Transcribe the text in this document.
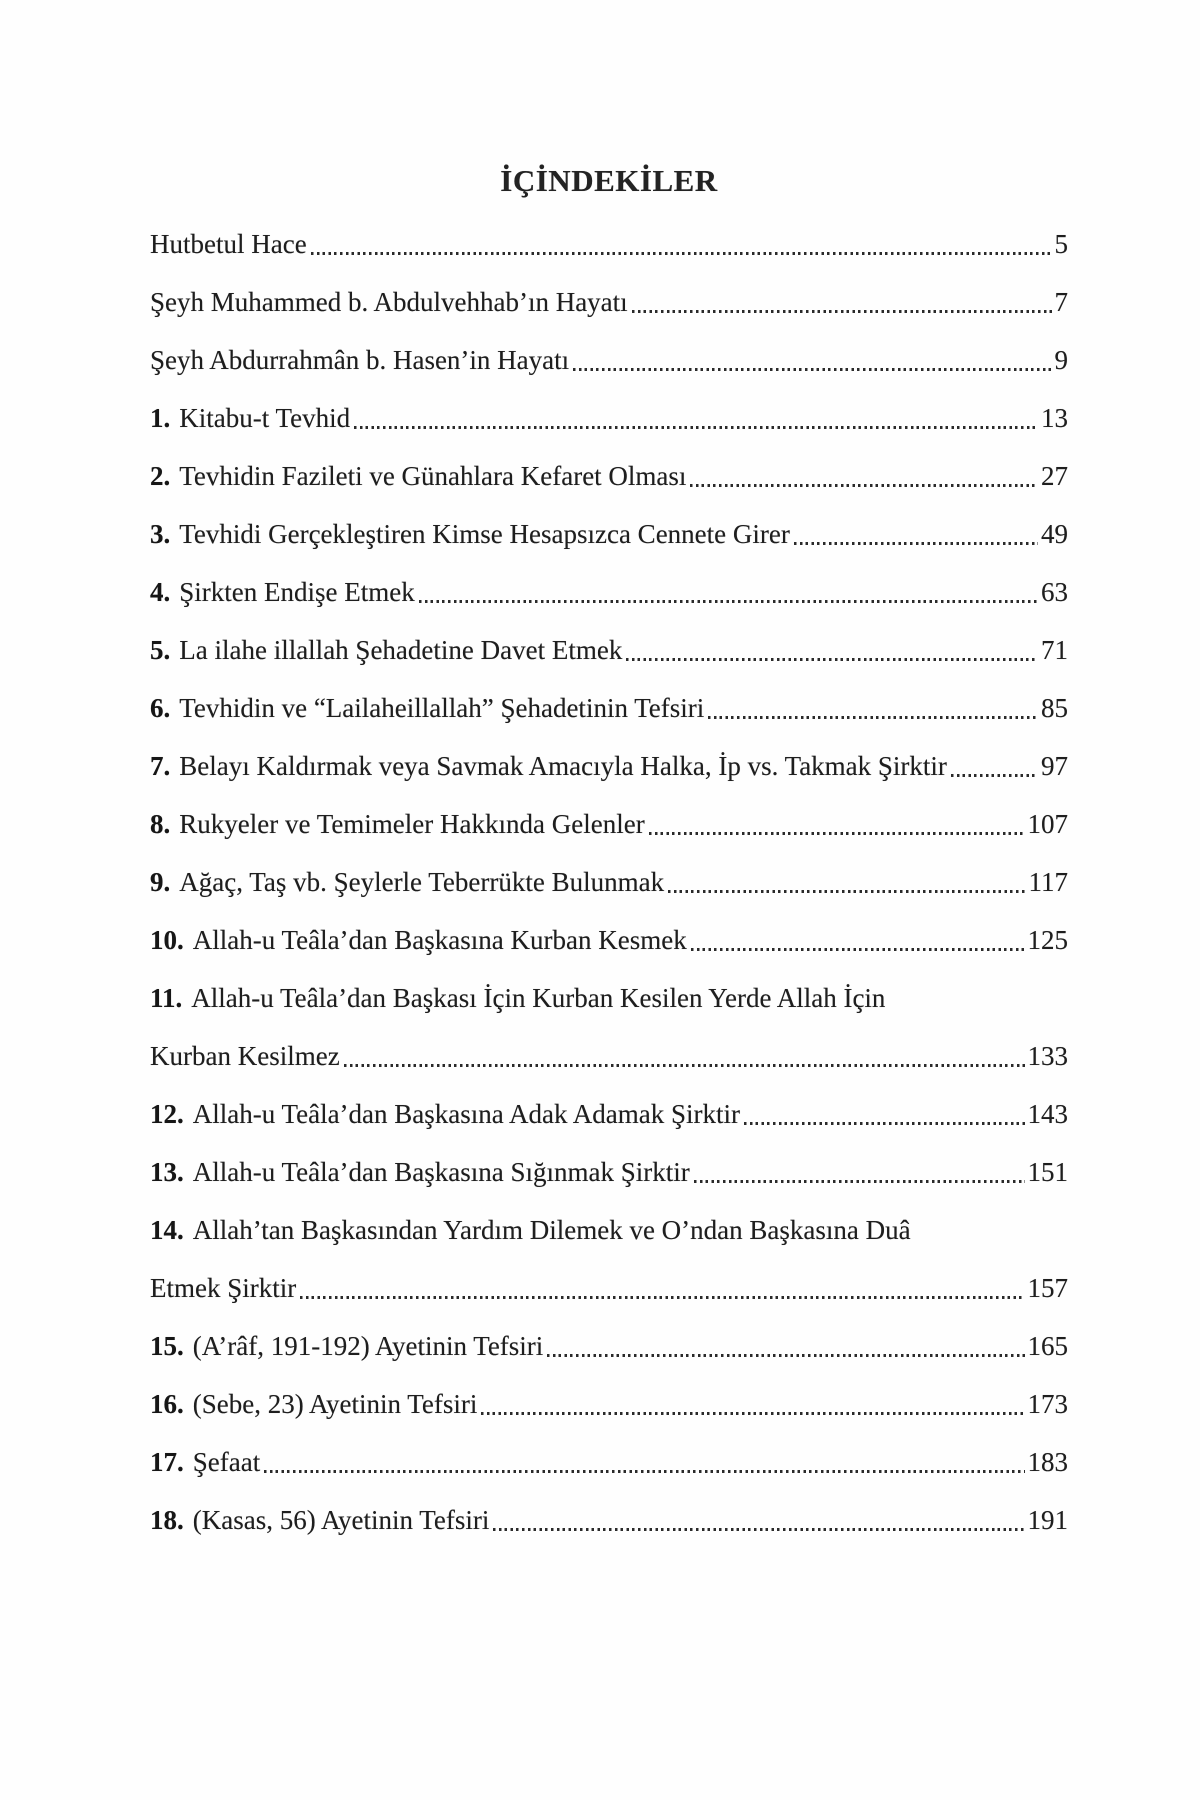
İÇİNDEKİLER
Hutbetul Hace	5
Şeyh Muhammed b. Abdulvehhab’ın Hayatı	7
Şeyh Abdurrahmân b. Hasen’in Hayatı	9
1. Kitabu-t Tevhid	13
2. Tevhidin Fazileti ve Günahlara Kefaret Olması	27
3. Tevhidi Gerçekleştiren Kimse Hesapsızca Cennete Girer	49
4. Şirkten Endişe Etmek	63
5. La ilahe illallah Şehadetine Davet Etmek	71
6. Tevhidin ve “Lailaheillallah” Şehadetinin Tefsiri	85
7. Belayı Kaldırmak veya Savmak Amacıyla Halka, İp vs. Takmak Şirktir	97
8. Rukyeler ve Temimeler Hakkında Gelenler	107
9. Ağaç, Taş vb. Şeylerle Teberrükte Bulunmak	117
10. Allah-u Teâla’dan Başkasına Kurban Kesmek	125
11. Allah-u Teâla’dan Başkası İçin Kurban Kesilen Yerde Allah İçin
Kurban Kesilmez	133
12. Allah-u Teâla’dan Başkasına Adak Adamak Şirktir	143
13. Allah-u Teâla’dan Başkasına Sığınmak Şirktir	151
14. Allah’tan Başkasından Yardım Dilemek ve O’ndan Başkasına Duâ
Etmek Şirktir	157
15. (A’râf, 191-192) Ayetinin Tefsiri	165
16. (Sebe, 23) Ayetinin Tefsiri	173
17. Şefaat	183
18. (Kasas, 56) Ayetinin Tefsiri	191
